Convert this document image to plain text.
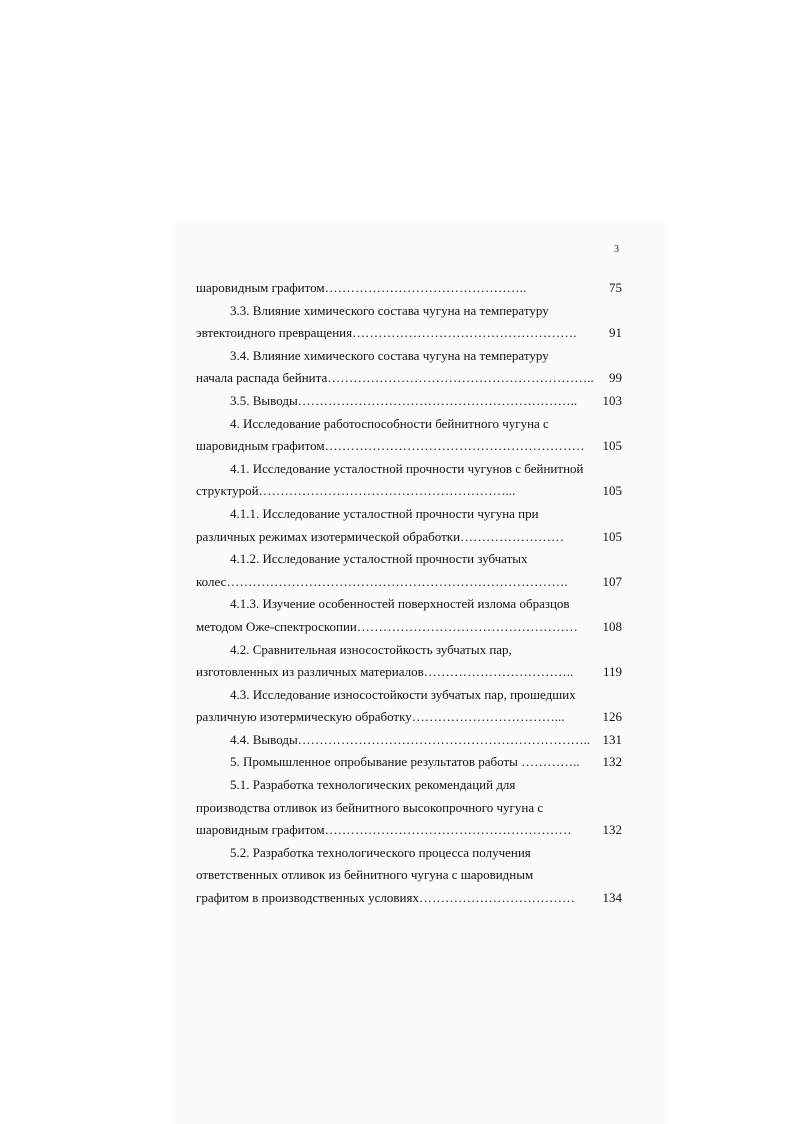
3
шаровидным графитом………………………………………..	75
3.3. Влияние химического состава чугуна на температуру
эвтектоидного превращения…………………………………………….	91
3.4. Влияние химического состава чугуна на температуру
начала распада бейнита…………………………………………………….. 99
3.5. Выводы……………………………………………………….. 103
4. Исследование работоспособности бейнитного чугуна с
шаровидным графитом…………………………………………………… 105
4.1. Исследование усталостной прочности чугунов с бейнитной
структурой…………………………………………………...	105
4.1.1. Исследование усталостной прочности чугуна при
различных режимах изотермической обработки……………………	105
4.1.2. Исследование усталостной прочности зубчатых
колес…………………………………………………………………….	107
4.1.3. Изучение особенностей поверхностей излома образцов
методом Оже-спектроскопии…………………………………………… 108
4.2. Сравнительная износостойкость зубчатых пар,
изготовленных из различных материалов…………………………….. 119
4.3. Исследование износостойкости зубчатых пар, прошедших
различную изотермическую обработку……………………………...	126
4.4. Выводы………………………………………………………….. 131
5. Промышленное опробывание результатов работы ………….. 132
5.1. Разработка технологических рекомендаций для
производства отливок из бейнитного высокопрочного чугуна с
шаровидным графитом………………………………………………… 132
5.2. Разработка технологического процесса получения
ответственных отливок из бейнитного чугуна с шаровидным
графитом в производственных условиях……………………………… 134
